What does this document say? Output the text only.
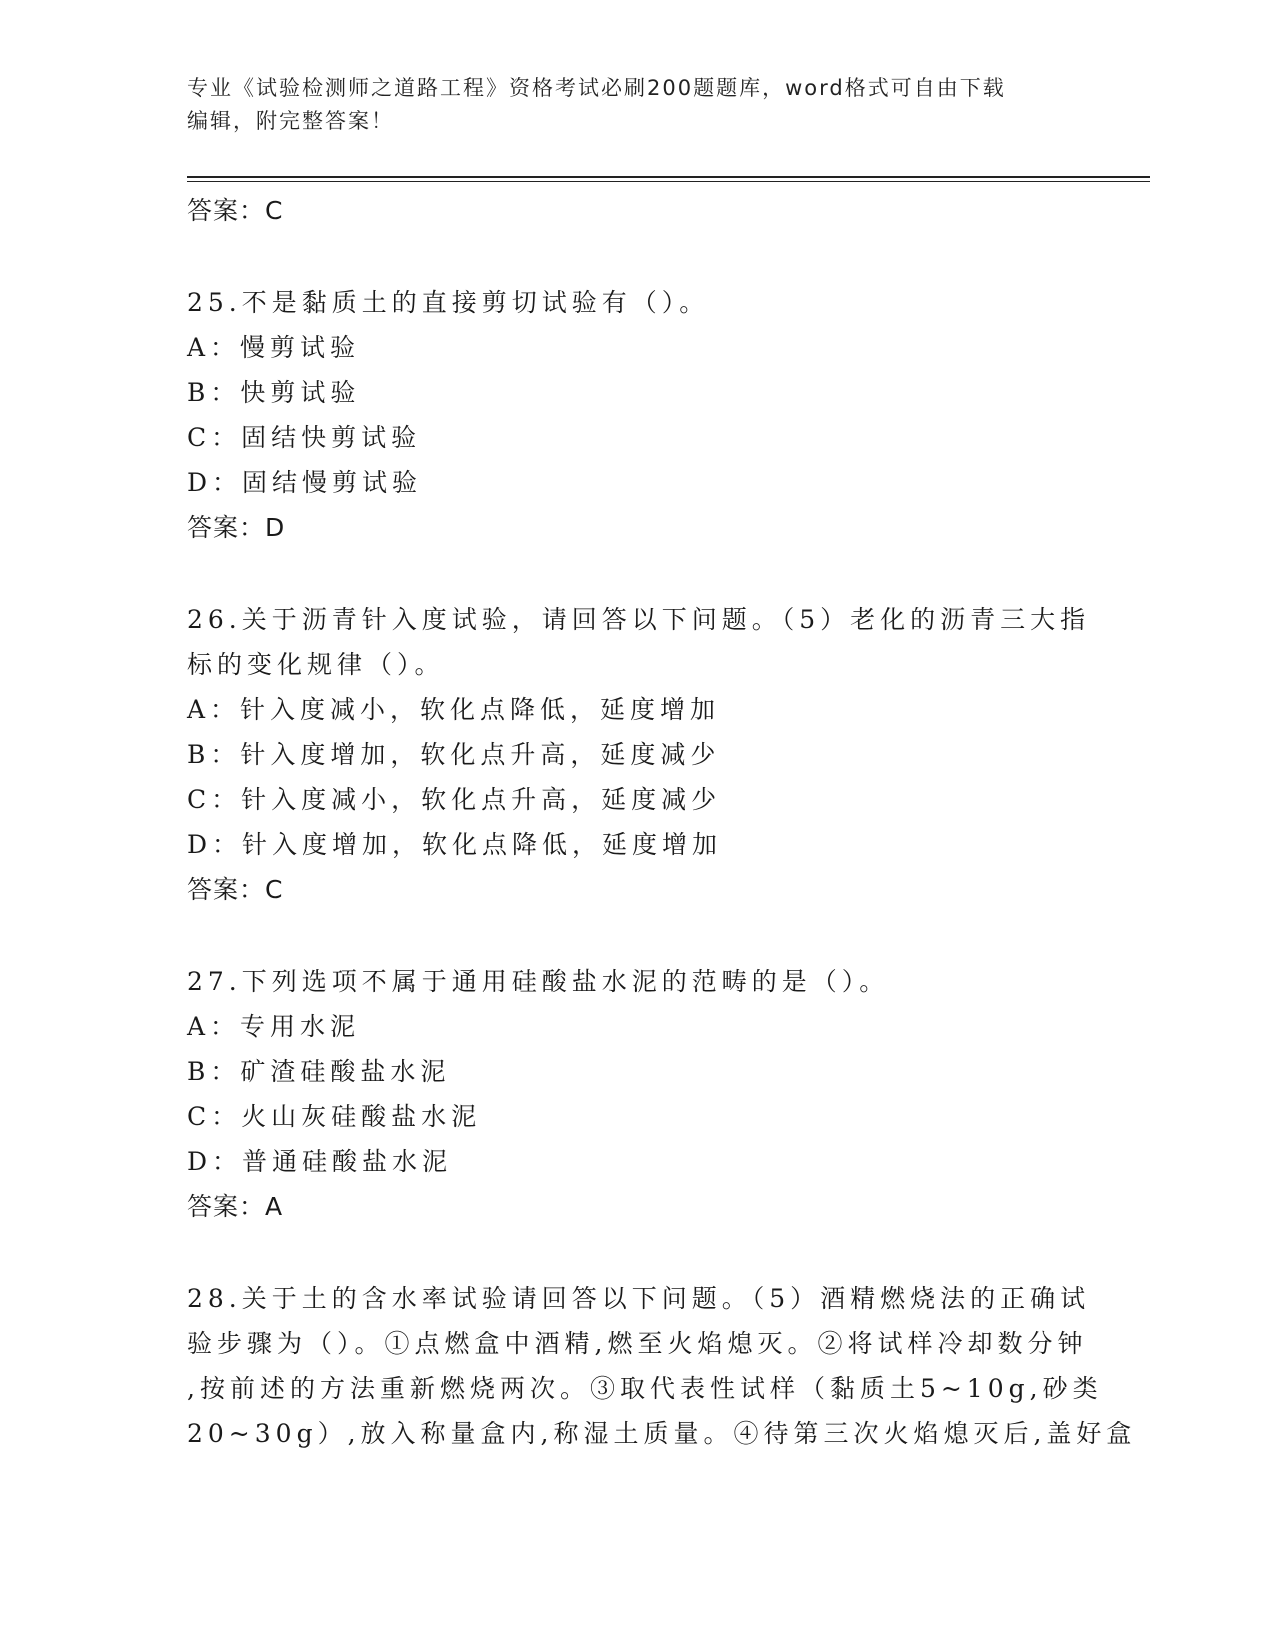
专业《试验检测师之道路工程》资格考试必刷200题题库，word格式可自由下载
编辑，附完整答案！
答案：C
25.不是黏质土的直接剪切试验有（）。
A：慢剪试验
B：快剪试验
C：固结快剪试验
D：固结慢剪试验
答案：D
26.关于沥青针入度试验，请回答以下问题。（5）老化的沥青三大指
标的变化规律（）。
A：针入度减小，软化点降低，延度增加
B：针入度增加，软化点升高，延度减少
C：针入度减小，软化点升高，延度减少
D：针入度增加，软化点降低，延度增加
答案：C
27.下列选项不属于通用硅酸盐水泥的范畴的是（）。
A：专用水泥
B：矿渣硅酸盐水泥
C：火山灰硅酸盐水泥
D：普通硅酸盐水泥
答案：A
28.关于土的含水率试验请回答以下问题。（5）酒精燃烧法的正确试
验步骤为（）。①点燃盒中酒精,燃至火焰熄灭。②将试样冷却数分钟
,按前述的方法重新燃烧两次。③取代表性试样（黏质土5~10g,砂类
20~30g）,放入称量盒内,称湿土质量。④待第三次火焰熄灭后,盖好盒
